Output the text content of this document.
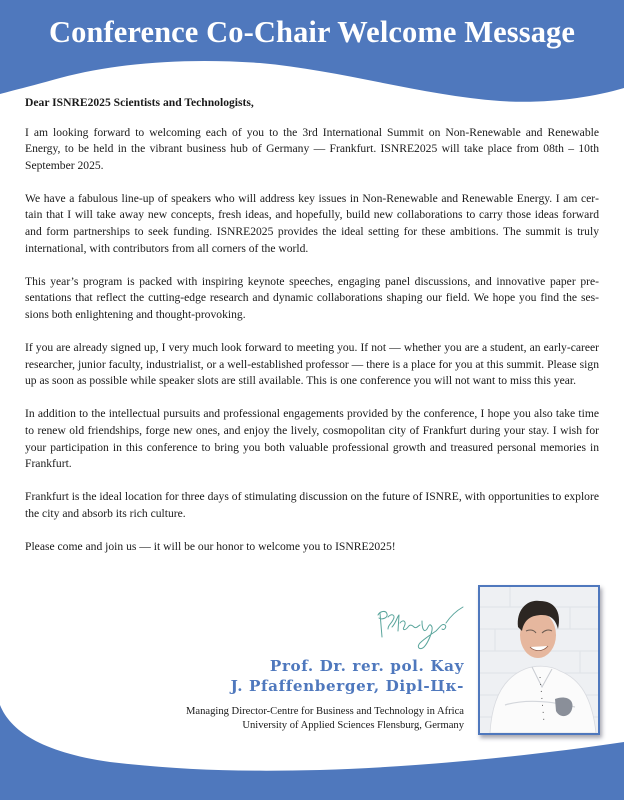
Conference Co-Chair Welcome Message

Dear ISNRE2025 Scientists and Technologists,

I am looking forward to welcoming each of you to the 3rd International Summit on Non-Renewable and Renewable Energy, to be held in the vibrant business hub of Germany — Frankfurt. ISNRE2025 will take place from 08th – 10th September 2025.

We have a fabulous line-up of speakers who will address key issues in Non-Renewable and Renewable Energy. I am certain that I will take away new concepts, fresh ideas, and hopefully, build new collaborations to carry those ideas forward and form partnerships to seek funding. ISNRE2025 provides the ideal setting for these ambitions. The summit is truly international, with contributors from all corners of the world.

This year’s program is packed with inspiring keynote speeches, engaging panel discussions, and innovative paper presentations that reflect the cutting-edge research and dynamic collaborations shaping our field. We hope you find the sessions both enlightening and thought-provoking.

If you are already signed up, I very much look forward to meeting you. If not — whether you are a student, an early-career researcher, junior faculty, industrialist, or a well-established professor — there is a place for you at this summit. Please sign up as soon as possible while speaker slots are still available. This is one conference you will not want to miss this year.

In addition to the intellectual pursuits and professional engagements provided by the conference, I hope you also take time to renew old friendships, forge new ones, and enjoy the lively, cosmopolitan city of Frankfurt during your stay. I wish for your participation in this conference to bring you both valuable professional growth and treasured personal memories in Frankfurt.

Frankfurt is the ideal location for three days of stimulating discussion on the future of ISNRE, with opportunities to explore the city and absorb its rich culture.

Please come and join us — it will be our honor to welcome you to ISNRE2025!

Prof. Dr. rer. pol. Kay
J. Pfaffenberger, Dipl-Цк-
Managing Director-Centre for Business and Technology in Africa
University of Applied Sciences Flensburg, Germany
